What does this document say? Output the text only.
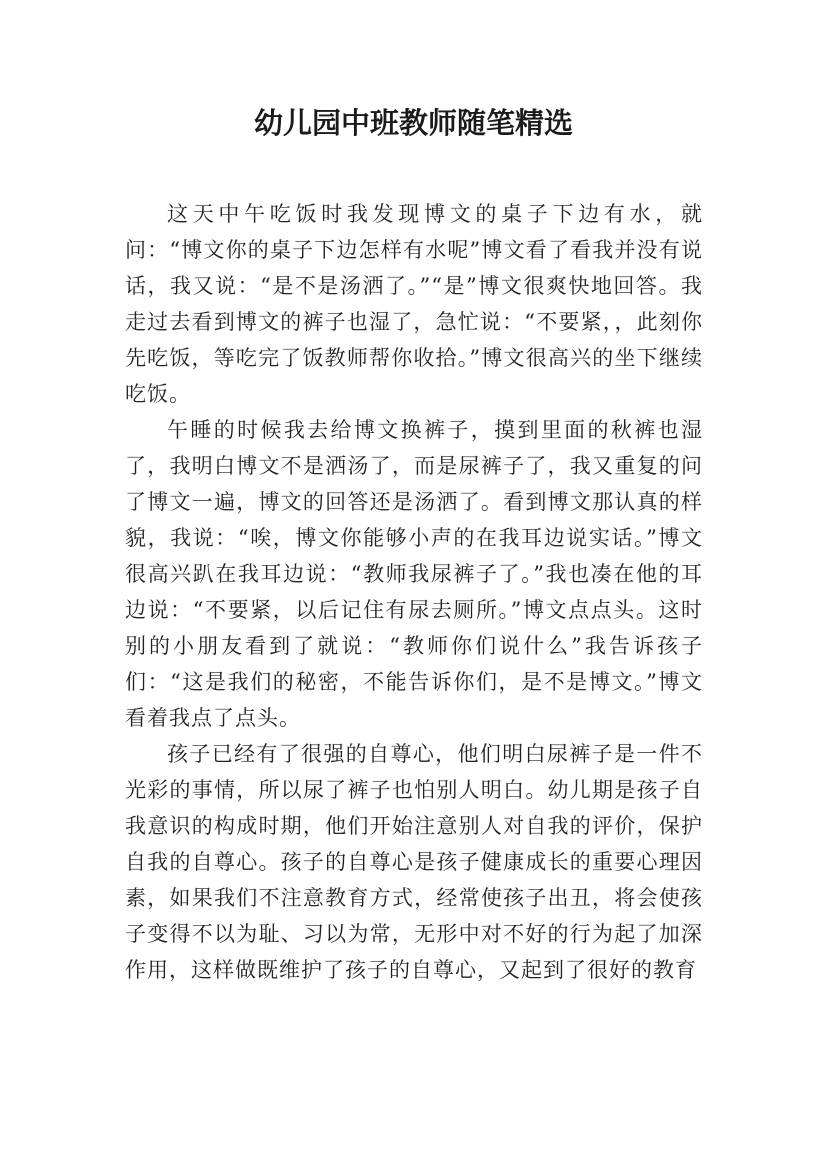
幼儿园中班教师随笔精选

这天中午吃饭时我发现博文的桌子下边有水，就问：“博文你的桌子下边怎样有水呢”博文看了看我并没有说话，我又说：“是不是汤洒了。”“是”博文很爽快地回答。我走过去看到博文的裤子也湿了，急忙说：“不要紧，，此刻你先吃饭，等吃完了饭教师帮你收拾。”博文很高兴的坐下继续吃饭。

午睡的时候我去给博文换裤子，摸到里面的秋裤也湿了，我明白博文不是洒汤了，而是尿裤子了，我又重复的问了博文一遍，博文的回答还是汤洒了。看到博文那认真的样貌，我说：“唉，博文你能够小声的在我耳边说实话。”博文很高兴趴在我耳边说：“教师我尿裤子了。”我也凑在他的耳边说：“不要紧，以后记住有尿去厕所。”博文点点头。这时别的小朋友看到了就说：“教师你们说什么”我告诉孩子们：“这是我们的秘密，不能告诉你们，是不是博文。”博文看着我点了点头。

孩子已经有了很强的自尊心，他们明白尿裤子是一件不光彩的事情，所以尿了裤子也怕别人明白。幼儿期是孩子自我意识的构成时期，他们开始注意别人对自我的评价，保护自我的自尊心。孩子的自尊心是孩子健康成长的重要心理因素，如果我们不注意教育方式，经常使孩子出丑，将会使孩子变得不以为耻、习以为常，无形中对不好的行为起了加深作用，这样做既维护了孩子的自尊心，又起到了很好的教育
